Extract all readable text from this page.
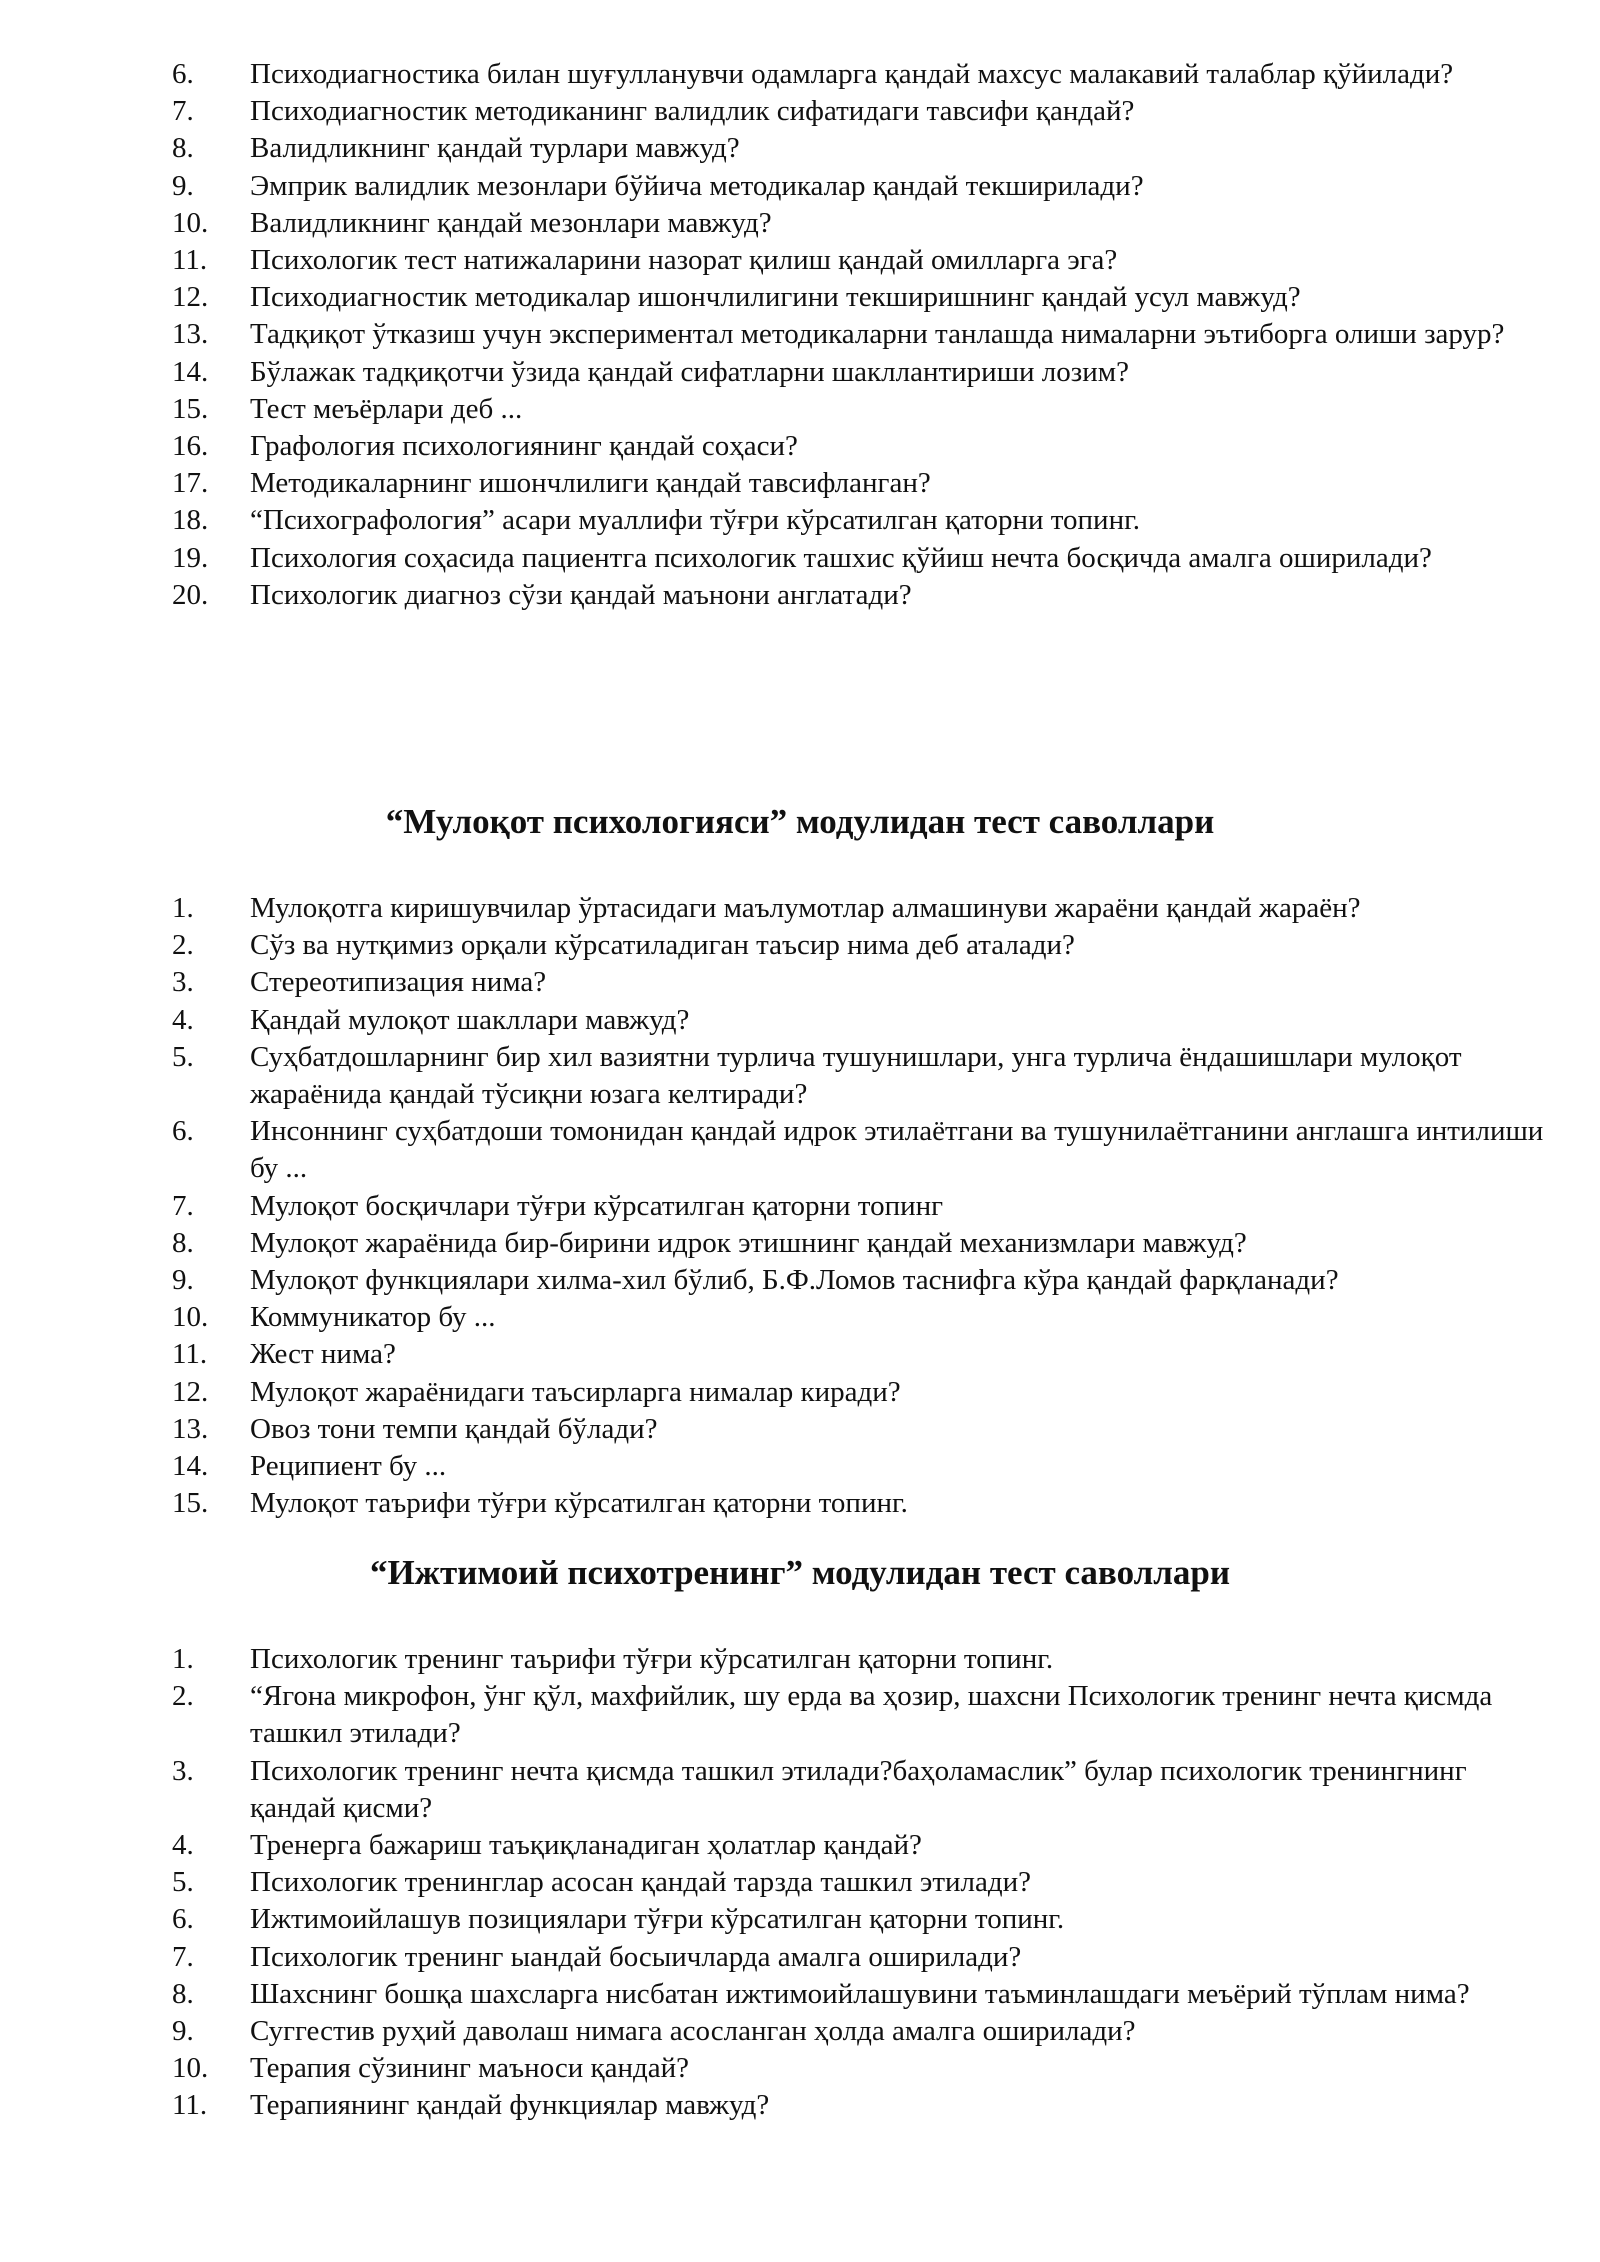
6.	Психодиагностика билан шуғулланувчи одамларга қандай махсус малакавий талаблар қўйилади?
7.	Психодиагностик методиканинг валидлик сифатидаги тавсифи қандай?
8.	Валидликнинг қандай турлари мавжуд?
9.	Эмприк валидлик мезонлари бўйича методикалар қандай текширилади?
10.	Валидликнинг қандай мезонлари мавжуд?
11.	Психологик тест натижаларини назорат қилиш қандай омилларга эга?
12.	Психодиагностик методикалар ишончлилигини текширишнинг қандай усул мавжуд?
13.	Тадқиқот ўтказиш учун экспериментал методикаларни танлашда нималарни эътиборга олиши зарур?
14.	Бўлажак тадқиқотчи ўзида қандай сифатларни шакллантириши лозим?
15.	Тест меъёрлари деб ...
16.	Графология психологиянинг қандай соҳаси?
17.	Методикаларнинг ишончлилиги қандай тавсифланган?
18.	“Психографология” асари муаллифи тўғри кўрсатилган қаторни топинг.
19.	Психология соҳасида пациентга психологик ташхис қўйиш нечта босқичда амалга оширилади?
20.	Психологик диагноз сўзи қандай маънони англатади?
“Мулоқот психологияси” модулидан тест саволлари
1.	Мулоқотга киришувчилар ўртасидаги маълумотлар алмашинуви жараёни қандай жараён?
2.	Сўз ва нутқимиз орқали кўрсатиладиган таъсир нима деб аталади?
3.	Стереотипизация нима?
4.	Қандай мулоқот шакллари мавжуд?
5.	Суҳбатдошларнинг бир хил вазиятни турлича тушунишлари, унга турлича ёндашишлари мулоқот жараёнида қандай тўсиқни юзага келтиради?
6.	Инсоннинг суҳбатдоши томонидан қандай идрок этилаётгани ва тушунилаётганини англашга интилиши бу ...
7.	Мулоқот босқичлари тўғри кўрсатилган қаторни топинг
8.	Мулоқот жараёнида бир-бирини идрок этишнинг қандай механизмлари мавжуд?
9.	Мулоқот функциялари хилма-хил бўлиб, Б.Ф.Ломов таснифга кўра қандай фарқланади?
10.	Коммуникатор бу ...
11.	Жест нима?
12.	Мулоқот жараёнидаги таъсирларга нималар киради?
13.	Овоз тони темпи қандай бўлади?
14.	Реципиент бу ...
15.	Мулоқот таърифи тўғри кўрсатилган қаторни топинг.
“Ижтимоий психотренинг” модулидан тест саволлари
1.	Психологик тренинг таърифи тўғри кўрсатилган қаторни топинг.
2.	“Ягона микрофон, ўнг қўл, махфийлик, шу ерда ва ҳозир, шахсни Психологик тренинг нечта қисмда ташкил этилади?
3.	Психологик тренинг нечта қисмда ташкил этилади?баҳоламаслик” булар психологик тренингнинг қандай қисми?
4.	Тренерга бажариш таъқиқланадиган ҳолатлар қандай?
5.	Психологик тренинглар асосан қандай тарзда ташкил этилади?
6.	Ижтимоийлашув позициялари тўғри кўрсатилган қаторни топинг.
7.	Психологик тренинг ыандай босыичларда амалга оширилади?
8.	Шахснинг бошқа шахсларга нисбатан ижтимоийлашувини таъминлашдаги меъёрий тўплам нима?
9.	Суггестив руҳий даволаш нимага асосланган ҳолда амалга оширилади?
10.	Терапия сўзининг маъноси қандай?
11.	Терапиянинг қандай функциялар мавжуд?
